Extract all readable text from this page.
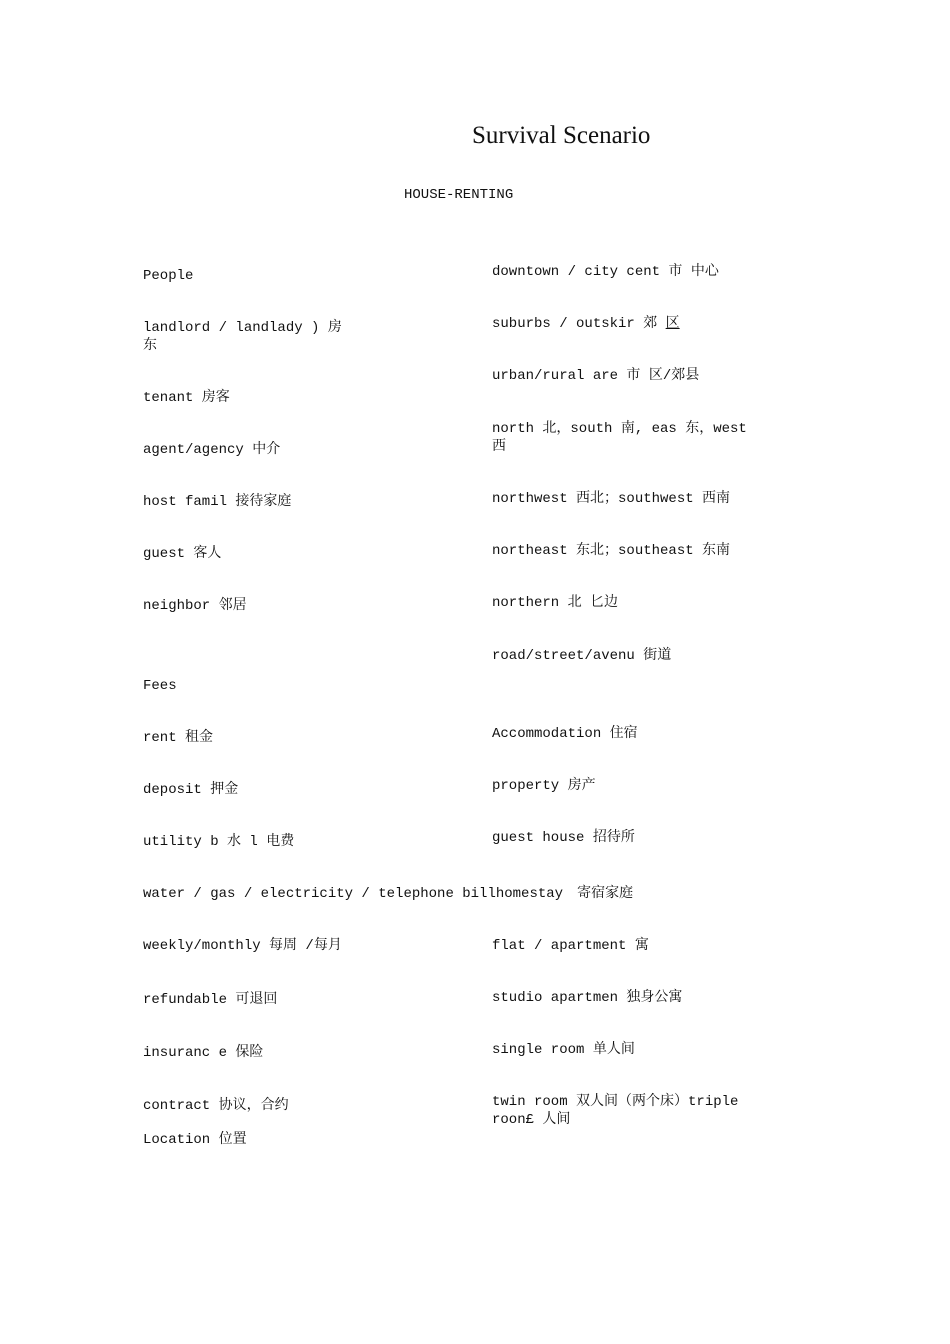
Survival Scenario
HOUSE-RENTING
People
landlord / landlady ) 房东
tenant 房客
agent/agency 中介
host famil 接待家庭
guest 客人
neighbor 邻居
Fees
rent 租金
deposit 押金
utility b 水 l 电费
water / gas / electricity / telephone billhomestay　寄宿家庭
weekly/monthly 每周 /每月
refundable 可退回
insuranc e 保险
contract 协议，合约
Location 位置
downtown / city cent 市 中心
suburbs / outskir 郊 区
urban/rural are 市 区/郊县
north 北，south 南, eas 东，west 西
northwest 西北；southwest 西南
northeast 东北；southeast 东南
northern 北 匕边
road/street/avenu 街道
Accommodation 住宿
property 房产
guest house 招待所
flat / apartment 寓
studio apartmen 独身公寓
single room 单人间
twin room 双人间（两个床）triple roon£ 人间
